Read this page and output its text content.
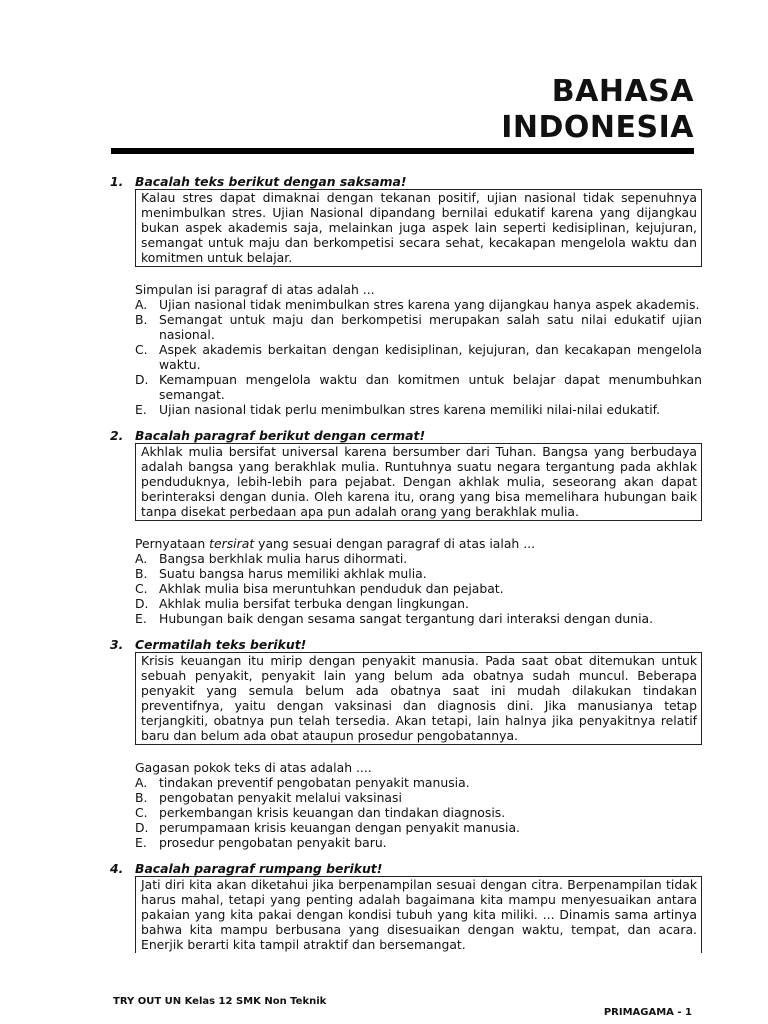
BAHASA
INDONESIA
1. Bacalah teks berikut dengan saksama!
Kalau stres dapat dimaknai dengan tekanan positif, ujian nasional tidak sepenuhnya menimbulkan stres. Ujian Nasional dipandang bernilai edukatif karena yang dijangkau bukan aspek akademis saja, melainkan juga aspek lain seperti kedisiplinan, kejujuran, semangat untuk maju dan berkompetisi secara sehat, kecakapan mengelola waktu dan komitmen untuk belajar.
Simpulan isi paragraf di atas adalah ...
A. Ujian nasional tidak menimbulkan stres karena yang dijangkau hanya aspek akademis.
B. Semangat untuk maju dan berkompetisi merupakan salah satu nilai edukatif ujian nasional.
C. Aspek akademis berkaitan dengan kedisiplinan, kejujuran, dan kecakapan mengelola waktu.
D. Kemampuan mengelola waktu dan komitmen untuk belajar dapat menumbuhkan semangat.
E. Ujian nasional tidak perlu menimbulkan stres karena memiliki nilai-nilai edukatif.
2. Bacalah paragraf berikut dengan cermat!
Akhlak mulia bersifat universal karena bersumber dari Tuhan. Bangsa yang berbudaya adalah bangsa yang berakhlak mulia. Runtuhnya suatu negara tergantung pada akhlak penduduknya, lebih-lebih para pejabat. Dengan akhlak mulia, seseorang akan dapat berinteraksi dengan dunia. Oleh karena itu, orang yang bisa memelihara hubungan baik tanpa disekat perbedaan apa pun adalah orang yang berakhlak mulia.
Pernyataan tersirat yang sesuai dengan paragraf di atas ialah ...
A. Bangsa berkhlak mulia harus dihormati.
B. Suatu bangsa harus memiliki akhlak mulia.
C. Akhlak mulia bisa meruntuhkan penduduk dan pejabat.
D. Akhlak mulia bersifat terbuka dengan lingkungan.
E. Hubungan baik dengan sesama sangat tergantung dari interaksi dengan dunia.
3. Cermatilah teks berikut!
Krisis keuangan itu mirip dengan penyakit manusia. Pada saat obat ditemukan untuk sebuah penyakit, penyakit lain yang belum ada obatnya sudah muncul. Beberapa penyakit yang semula belum ada obatnya saat ini mudah dilakukan tindakan preventifnya, yaitu dengan vaksinasi dan diagnosis dini. Jika manusianya tetap terjangkiti, obatnya pun telah tersedia. Akan tetapi, lain halnya jika penyakitnya relatif baru dan belum ada obat ataupun prosedur pengobatannya.
Gagasan pokok teks di atas adalah ....
A. tindakan preventif pengobatan penyakit manusia.
B. pengobatan penyakit melalui vaksinasi
C. perkembangan krisis keuangan dan tindakan diagnosis.
D. perumpamaan krisis keuangan dengan penyakit manusia.
E. prosedur pengobatan penyakit baru.
4. Bacalah paragraf rumpang berikut!
Jati diri kita akan diketahui jika berpenampilan sesuai dengan citra. Berpenampilan tidak harus mahal, tetapi yang penting adalah bagaimana kita mampu menyesuaikan antara pakaian yang kita pakai dengan kondisi tubuh yang kita miliki. ... Dinamis sama artinya bahwa kita mampu berbusana yang disesuaikan dengan waktu, tempat, dan acara. Enerjik berarti kita tampil atraktif dan bersemangat.
TRY OUT UN Kelas 12 SMK Non Teknik
PRIMAGAMA - 1
